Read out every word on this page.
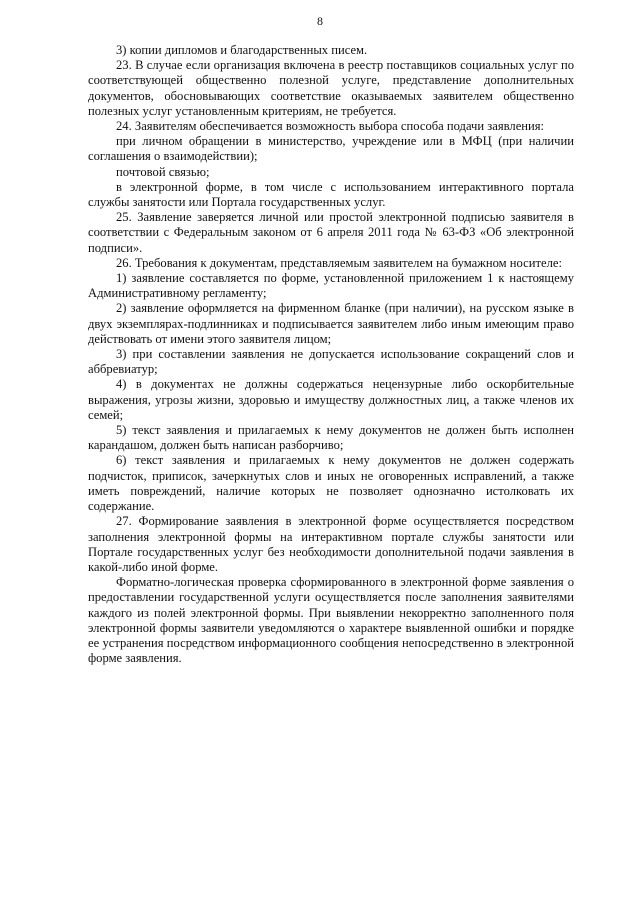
8

3) копии дипломов и благодарственных писем.

23. В случае если организация включена в реестр поставщиков социальных услуг по соответствующей общественно полезной услуге, представление дополнительных документов, обосновывающих соответствие оказываемых заявителем общественно полезных услуг установленным критериям, не требуется.

24. Заявителям обеспечивается возможность выбора способа подачи заявления:

при личном обращении в министерство, учреждение или в МФЦ (при наличии соглашения о взаимодействии);

почтовой связью;

в электронной форме, в том числе с использованием интерактивного портала службы занятости или Портала государственных услуг.

25. Заявление заверяется личной или простой электронной подписью заявителя в соответствии с Федеральным законом от 6 апреля 2011 года № 63-ФЗ «Об электронной подписи».

26. Требования к документам, представляемым заявителем на бумажном носителе:

1) заявление составляется по форме, установленной приложением 1 к настоящему Административному регламенту;

2) заявление оформляется на фирменном бланке (при наличии), на русском языке в двух экземплярах-подлинниках и подписывается заявителем либо иным имеющим право действовать от имени этого заявителя лицом;

3) при составлении заявления не допускается использование сокращений слов и аббревиатур;

4) в документах не должны содержаться нецензурные либо оскорбительные выражения, угрозы жизни, здоровью и имуществу должностных лиц, а также членов их семей;

5) текст заявления и прилагаемых к нему документов не должен быть исполнен карандашом, должен быть написан разборчиво;

6) текст заявления и прилагаемых к нему документов не должен содержать подчисток, приписок, зачеркнутых слов и иных не оговоренных исправлений, а также иметь повреждений, наличие которых не позволяет однозначно истолковать их содержание.

27. Формирование заявления в электронной форме осуществляется посредством заполнения электронной формы на интерактивном портале службы занятости или Портале государственных услуг без необходимости дополнительной подачи заявления в какой-либо иной форме.

Форматно-логическая проверка сформированного в электронной форме заявления о предоставлении государственной услуги осуществляется после заполнения заявителями каждого из полей электронной формы. При выявлении некорректно заполненного поля электронной формы заявители уведомляются о характере выявленной ошибки и порядке ее устранения посредством информационного сообщения непосредственно в электронной форме заявления.
